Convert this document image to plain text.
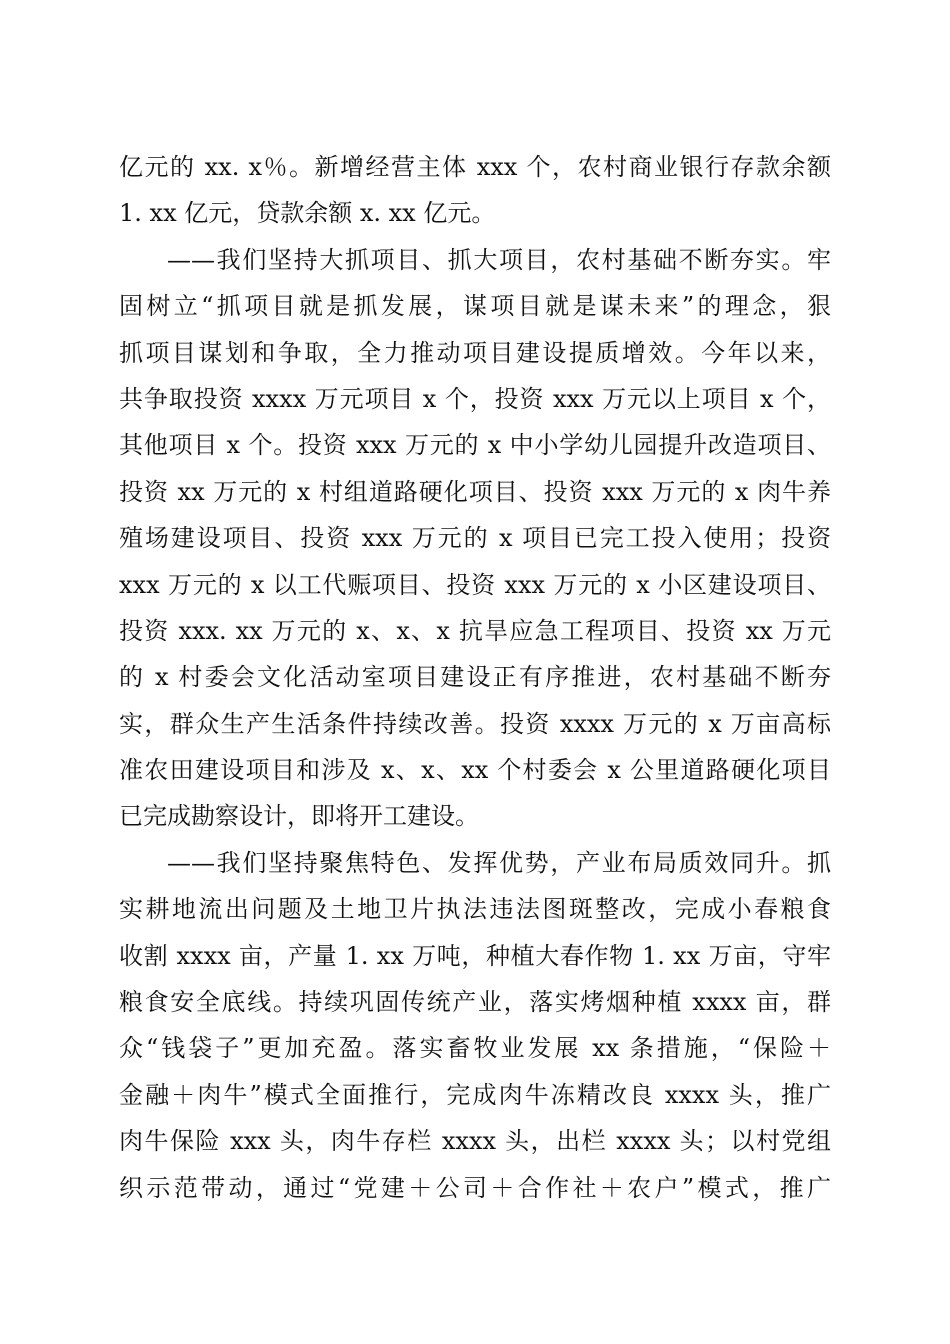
亿元的 xx. x％。新增经营主体 xxx 个，农村商业银行存款余额
1. xx 亿元，贷款余额 x. xx 亿元。
——我们坚持大抓项目、抓大项目，农村基础不断夯实。牢
固树立“抓项目就是抓发展，谋项目就是谋未来”的理念，狠
抓项目谋划和争取，全力推动项目建设提质增效。今年以来，
共争取投资 xxxx 万元项目 x 个，投资 xxx 万元以上项目 x 个，
其他项目 x 个。投资 xxx 万元的 x 中小学幼儿园提升改造项目、
投资 xx 万元的 x 村组道路硬化项目、投资 xxx 万元的 x 肉牛养
殖场建设项目、投资 xxx 万元的 x 项目已完工投入使用；投资
xxx 万元的 x 以工代赈项目、投资 xxx 万元的 x 小区建设项目、
投资 xxx. xx 万元的 x、x、x 抗旱应急工程项目、投资 xx 万元
的 x 村委会文化活动室项目建设正有序推进，农村基础不断夯
实，群众生产生活条件持续改善。投资 xxxx 万元的 x 万亩高标
准农田建设项目和涉及 x、x、xx 个村委会 x 公里道路硬化项目
已完成勘察设计，即将开工建设。
——我们坚持聚焦特色、发挥优势，产业布局质效同升。抓
实耕地流出问题及土地卫片执法违法图斑整改，完成小春粮食
收割 xxxx 亩，产量 1. xx 万吨，种植大春作物 1. xx 万亩，守牢
粮食安全底线。持续巩固传统产业，落实烤烟种植 xxxx 亩，群
众“钱袋子”更加充盈。落实畜牧业发展 xx 条措施，“保险＋
金融＋肉牛”模式全面推行，完成肉牛冻精改良 xxxx 头，推广
肉牛保险 xxx 头，肉牛存栏 xxxx 头，出栏 xxxx 头；以村党组
织示范带动，通过“党建＋公司＋合作社＋农户”模式，推广
